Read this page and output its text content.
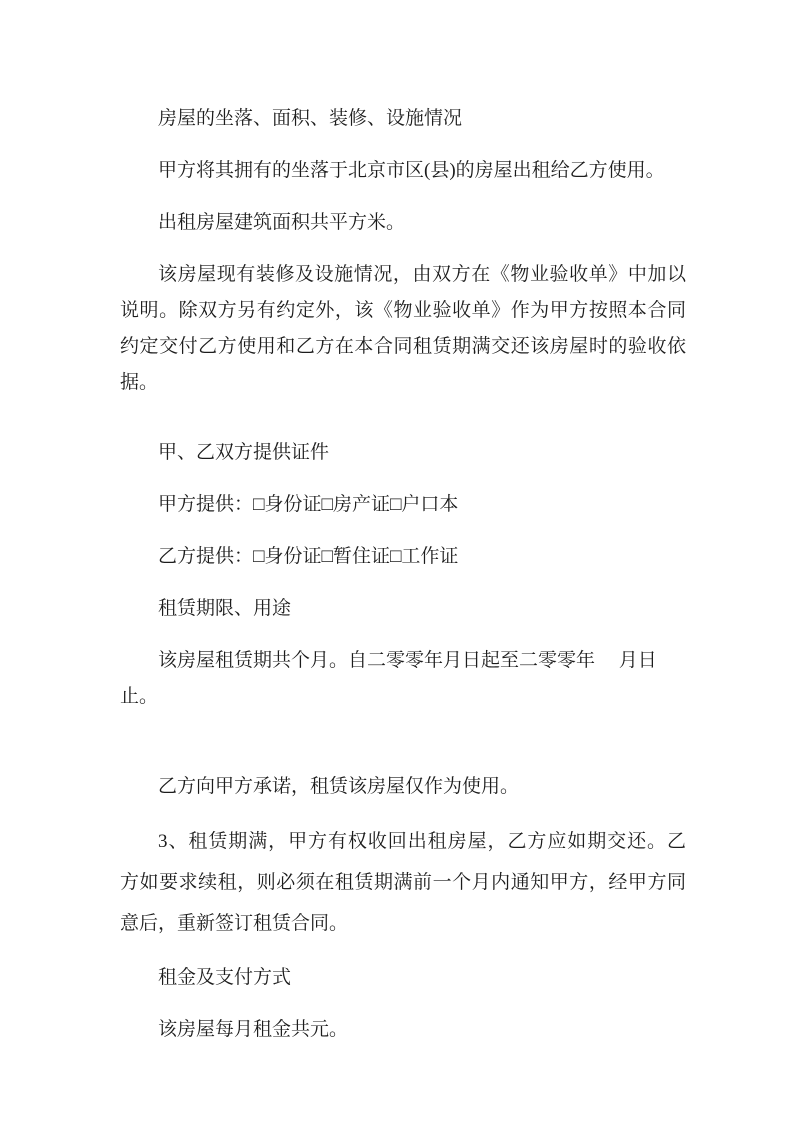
房屋的坐落、面积、装修、设施情况
甲方将其拥有的坐落于北京市区(县)的房屋出租给乙方使用。
出租房屋建筑面积共平方米。
该房屋现有装修及设施情况，由双方在《物业验收单》中加以
说明。除双方另有约定外，该《物业验收单》作为甲方按照本合同
约定交付乙方使用和乙方在本合同租赁期满交还该房屋时的验收依
据。
甲、乙双方提供证件
甲方提供：□身份证□房产证□户口本
乙方提供：□身份证□暂住证□工作证
租赁期限、用途
该房屋租赁期共个月。自二零零年月日起至二零零年　 月日止。
乙方向甲方承诺，租赁该房屋仅作为使用。
3、租赁期满，甲方有权收回出租房屋，乙方应如期交还。乙
方如要求续租，则必须在租赁期满前一个月内通知甲方，经甲方同
意后，重新签订租赁合同。
租金及支付方式
该房屋每月租金共元。
